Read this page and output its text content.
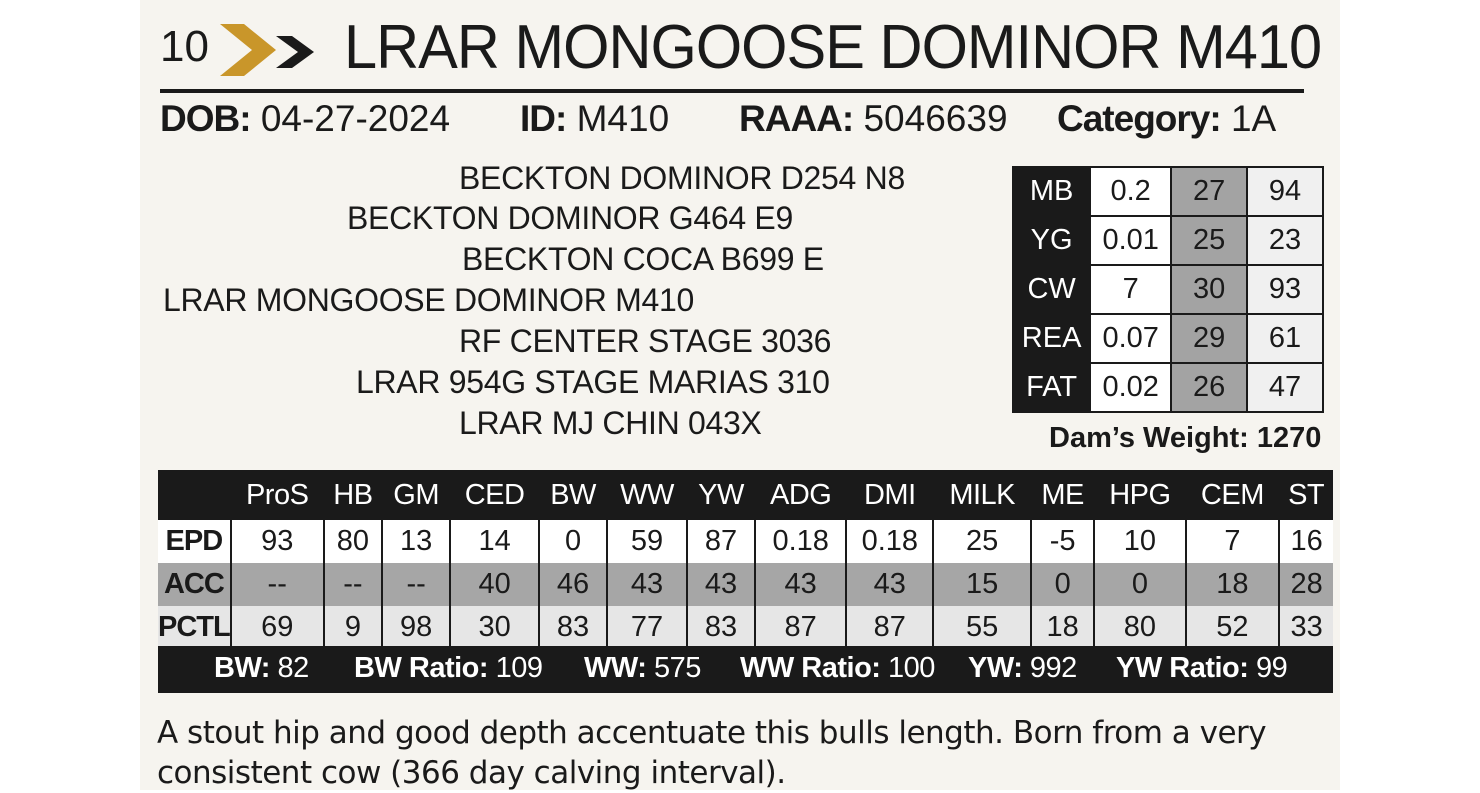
10 LRAR MONGOOSE DOMINOR M410
DOB: 04-27-2024 ID: M410 RAAA: 5046639 Category: 1A
BECKTON DOMINOR D254 N8
BECKTON DOMINOR G464 E9
BECKTON COCA B699 E
LRAR MONGOOSE DOMINOR M410
RF CENTER STAGE 3036
LRAR 954G STAGE MARIAS 310
LRAR MJ CHIN 043X
MB	0.2	27	94
YG	0.01	25	23
CW	7	30	93
REA	0.07	29	61
FAT	0.02	26	47
Dam’s Weight: 1270
	ProS	HB	GM	CED	BW	WW	YW	ADG	DMI	MILK	ME	HPG	CEM	ST
EPD	93	80	13	14	0	59	87	0.18	0.18	25	-5	10	7	16
ACC	--	--	--	40	46	43	43	43	43	15	0	0	18	28
PCTL	69	9	98	30	83	77	83	87	87	55	18	80	52	33
BW: 82 BW Ratio: 109 WW: 575 WW Ratio: 100 YW: 992 YW Ratio: 99
A stout hip and good depth accentuate this bulls length. Born from a very consistent cow (366 day calving interval).
